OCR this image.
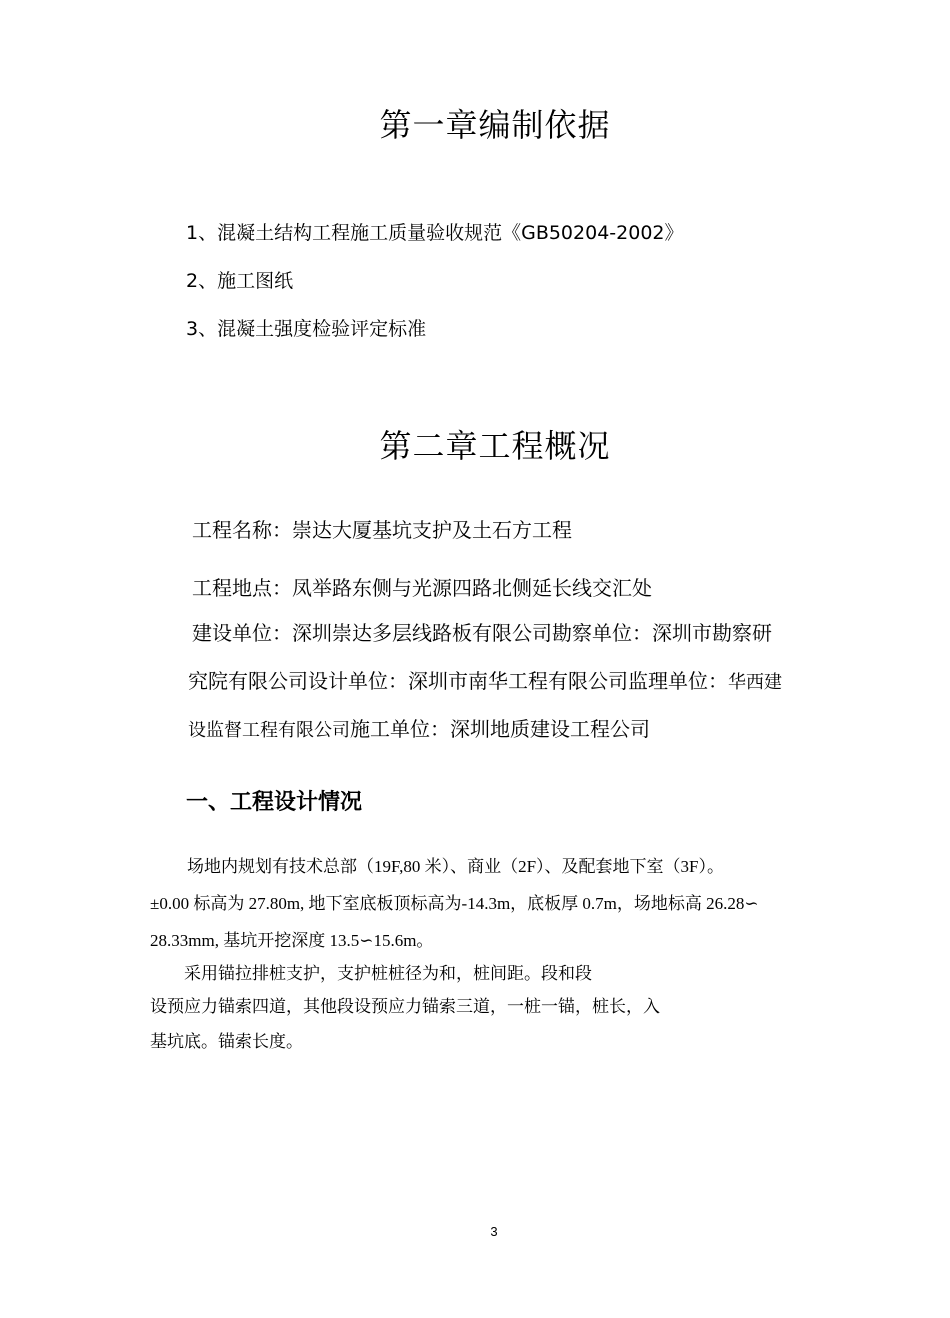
第一章编制依据
1、混凝土结构工程施工质量验收规范《GB50204-2002》
2、施工图纸
3、混凝土强度检验评定标准
第二章工程概况
工程名称：崇达大厦基坑支护及土石方工程
工程地点：凤举路东侧与光源四路北侧延长线交汇处
建设单位：深圳崇达多层线路板有限公司勘察单位：深圳市勘察研
究院有限公司设计单位：深圳市南华工程有限公司监理单位：华西建
设监督工程有限公司施工单位：深圳地质建设工程公司
一、工程设计情况
场地内规划有技术总部（19F,80 米）、商业（2F）、及配套地下室（3F）。
±0.00 标高为 27.80m, 地下室底板顶标高为-14.3m，底板厚 0.7m，场地标高 26.28∽
28.33mm, 基坑开挖深度 13.5∽15.6m。
采用锚拉排桩支护，支护桩桩径为和，桩间距。段和段
设预应力锚索四道，其他段设预应力锚索三道，一桩一锚，桩长，入
基坑底。锚索长度。
3
